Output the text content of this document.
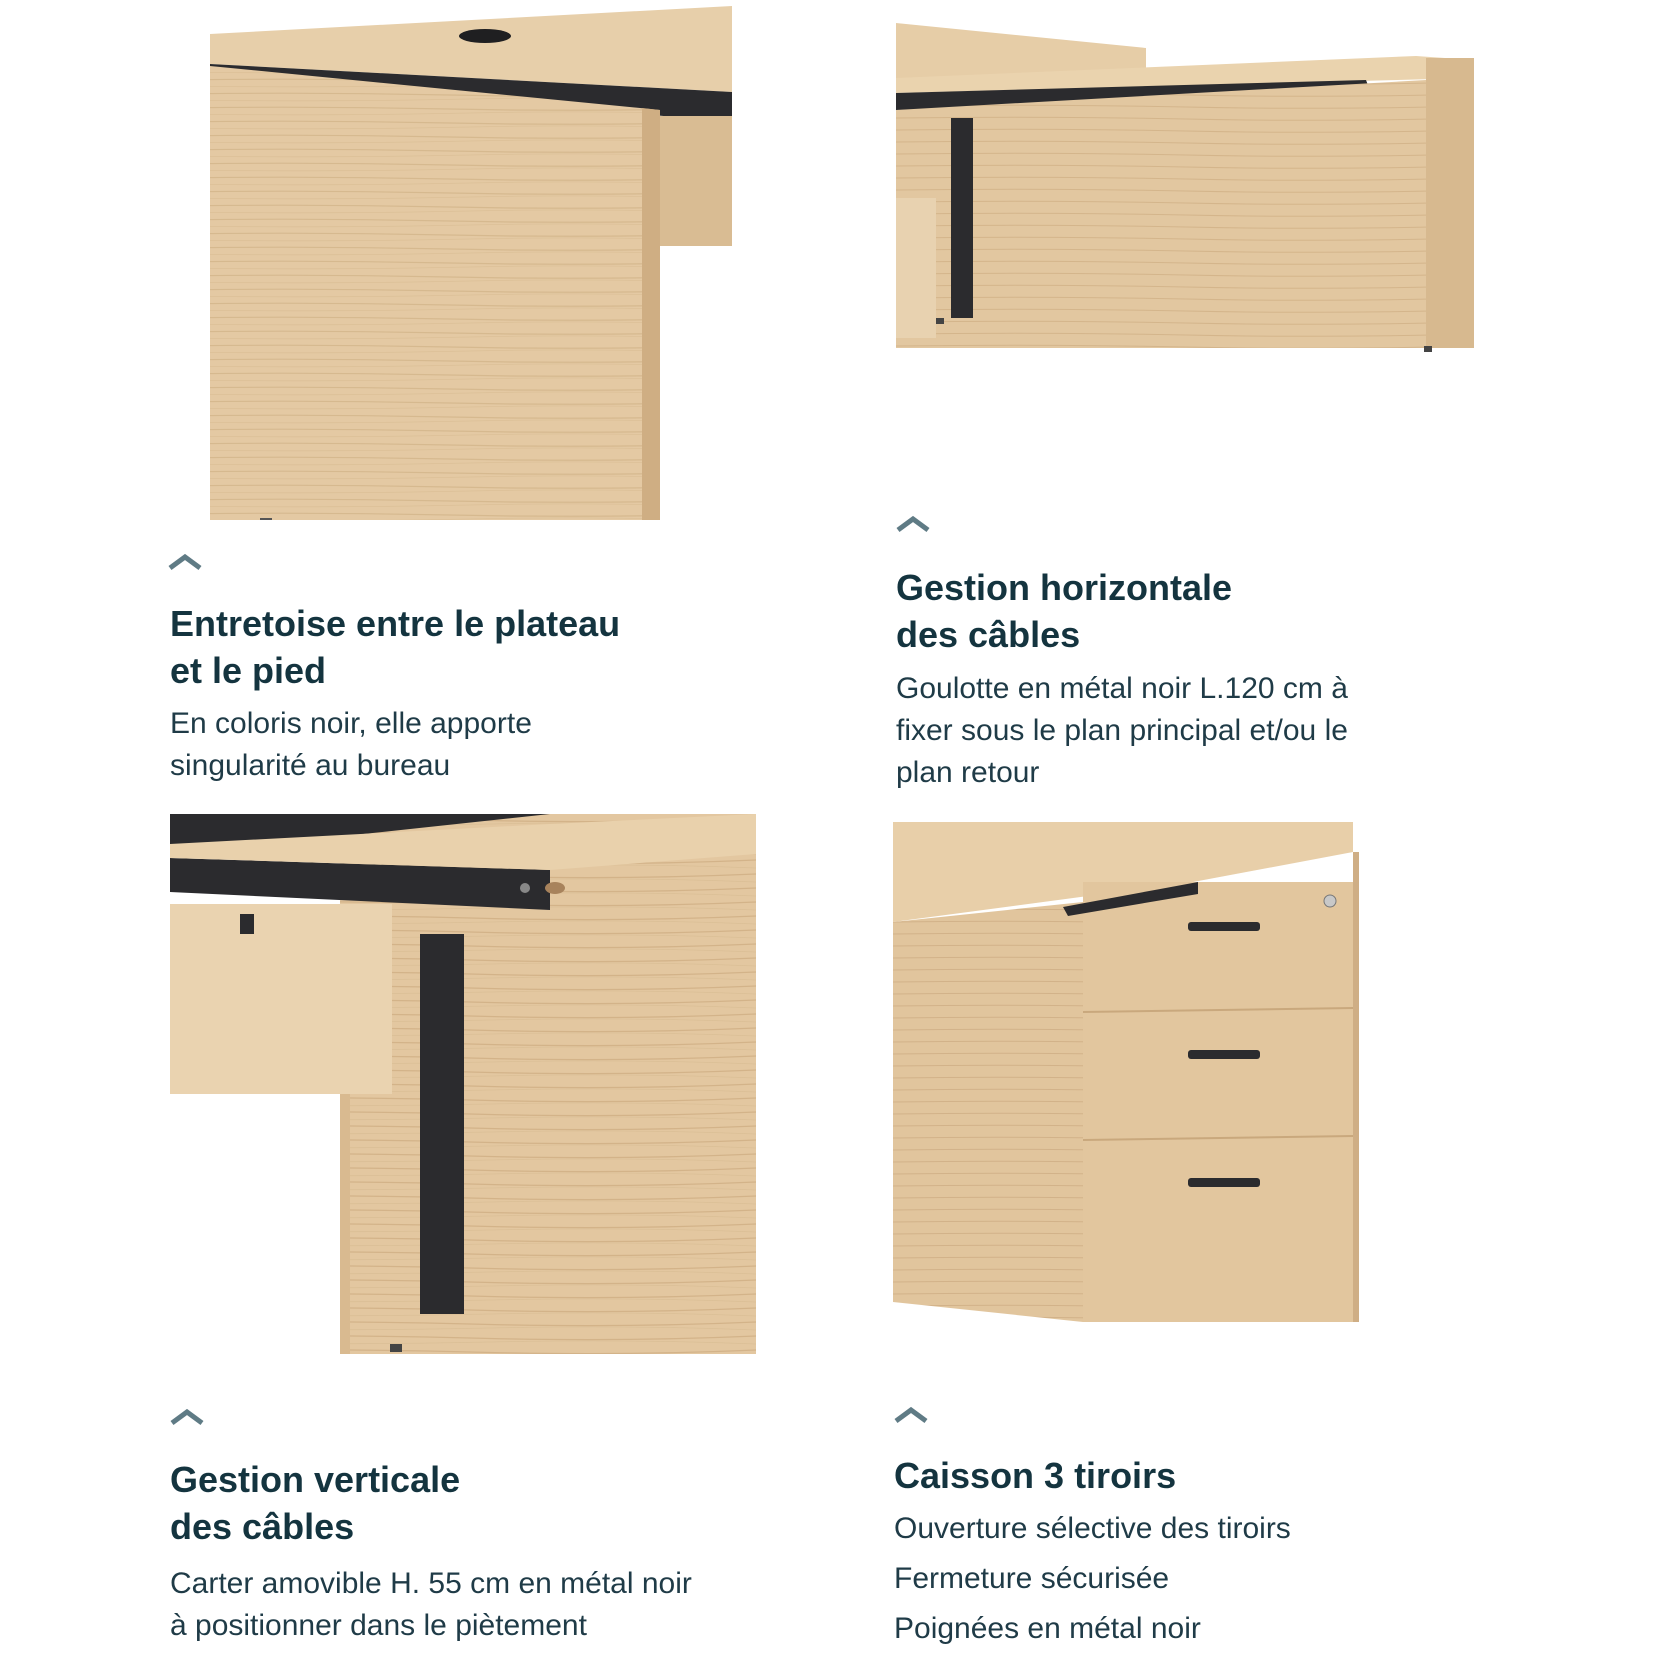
Entretoise entre le plateau
et le pied

En coloris noir, elle apporte
singularité au bureau

Gestion horizontale
des câbles

Goulotte en métal noir L.120 cm à
fixer sous le plan principal et/ou le
plan retour

Gestion verticale
des câbles

Carter amovible H. 55 cm en métal noir
à positionner dans le piètement

Caisson 3 tiroirs

Ouverture sélective des tiroirs

Fermeture sécurisée

Poignées en métal noir
